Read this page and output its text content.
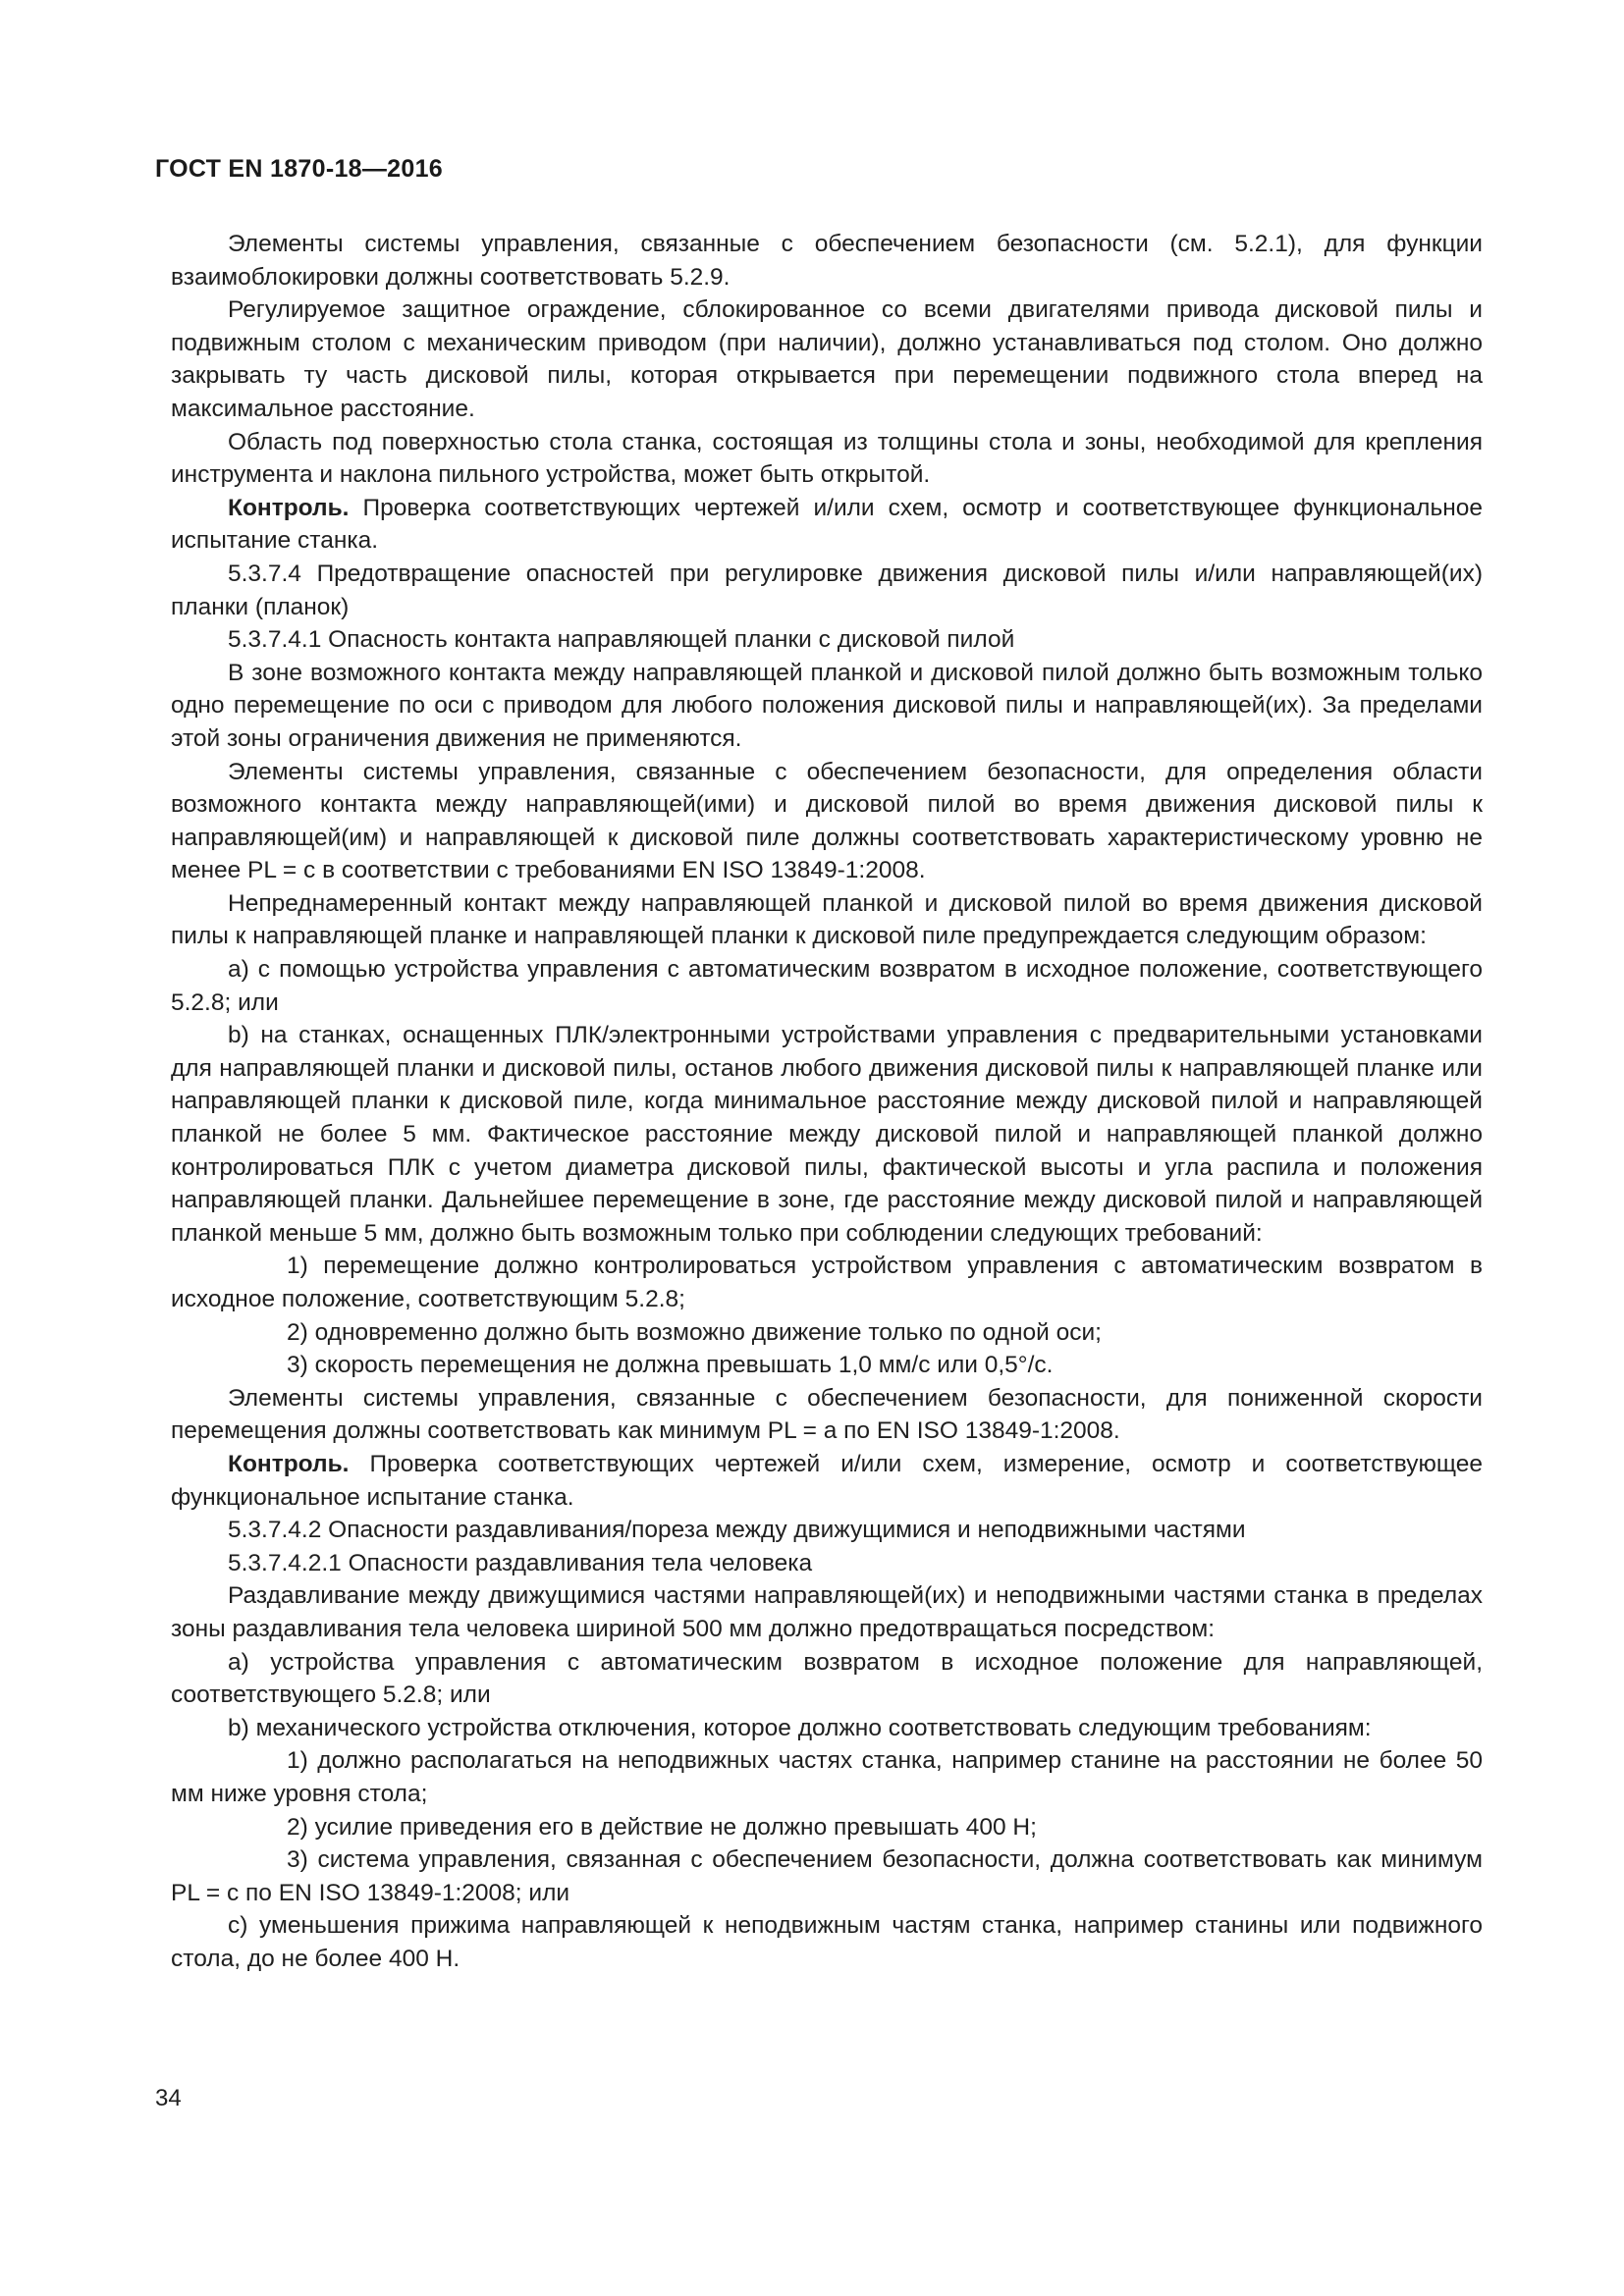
ГОСТ EN 1870-18—2016

Элементы системы управления, связанные с обеспечением безопасности (см. 5.2.1), для функции взаимоблокировки должны соответствовать 5.2.9.

Регулируемое защитное ограждение, сблокированное со всеми двигателями привода дисковой пилы и подвижным столом с механическим приводом (при наличии), должно устанавливаться под столом. Оно должно закрывать ту часть дисковой пилы, которая открывается при перемещении подвижного стола вперед на максимальное расстояние.

Область под поверхностью стола станка, состоящая из толщины стола и зоны, необходимой для крепления инструмента и наклона пильного устройства, может быть открытой.

Контроль. Проверка соответствующих чертежей и/или схем, осмотр и соответствующее функциональное испытание станка.

5.3.7.4 Предотвращение опасностей при регулировке движения дисковой пилы и/или направляющей(их) планки (планок)

5.3.7.4.1 Опасность контакта направляющей планки с дисковой пилой

В зоне возможного контакта между направляющей планкой и дисковой пилой должно быть возможным только одно перемещение по оси с приводом для любого положения дисковой пилы и направляющей(их). За пределами этой зоны ограничения движения не применяются.

Элементы системы управления, связанные с обеспечением безопасности, для определения области возможного контакта между направляющей(ими) и дисковой пилой во время движения дисковой пилы к направляющей(им) и направляющей к дисковой пиле должны соответствовать характеристическому уровню не менее PL = c в соответствии с требованиями EN ISO 13849-1:2008.

Непреднамеренный контакт между направляющей планкой и дисковой пилой во время движения дисковой пилы к направляющей планке и направляющей планки к дисковой пиле предупреждается следующим образом:

a) с помощью устройства управления с автоматическим возвратом в исходное положение, соответствующего 5.2.8; или

b) на станках, оснащенных ПЛК/электронными устройствами управления с предварительными установками для направляющей планки и дисковой пилы, останов любого движения дисковой пилы к направляющей планке или направляющей планки к дисковой пиле, когда минимальное расстояние между дисковой пилой и направляющей планкой не более 5 мм. Фактическое расстояние между дисковой пилой и направляющей планкой должно контролироваться ПЛК с учетом диаметра дисковой пилы, фактической высоты и угла распила и положения направляющей планки. Дальнейшее перемещение в зоне, где расстояние между дисковой пилой и направляющей планкой меньше 5 мм, должно быть возможным только при соблюдении следующих требований:

1) перемещение должно контролироваться устройством управления с автоматическим возвратом в исходное положение, соответствующим 5.2.8;

2) одновременно должно быть возможно движение только по одной оси;

3) скорость перемещения не должна превышать 1,0 мм/с или 0,5°/с.

Элементы системы управления, связанные с обеспечением безопасности, для пониженной скорости перемещения должны соответствовать как минимум PL = a по EN ISO 13849-1:2008.

Контроль. Проверка соответствующих чертежей и/или схем, измерение, осмотр и соответствующее функциональное испытание станка.

5.3.7.4.2 Опасности раздавливания/пореза между движущимися и неподвижными частями

5.3.7.4.2.1 Опасности раздавливания тела человека

Раздавливание между движущимися частями направляющей(их) и неподвижными частями станка в пределах зоны раздавливания тела человека шириной 500 мм должно предотвращаться посредством:

a) устройства управления с автоматическим возвратом в исходное положение для направляющей, соответствующего 5.2.8; или

b) механического устройства отключения, которое должно соответствовать следующим требованиям:

1) должно располагаться на неподвижных частях станка, например станине на расстоянии не более 50 мм ниже уровня стола;

2) усилие приведения его в действие не должно превышать 400 Н;

3) система управления, связанная с обеспечением безопасности, должна соответствовать как минимум PL = c по EN ISO 13849-1:2008; или

c) уменьшения прижима направляющей к неподвижным частям станка, например станины или подвижного стола, до не более 400 Н.

34
